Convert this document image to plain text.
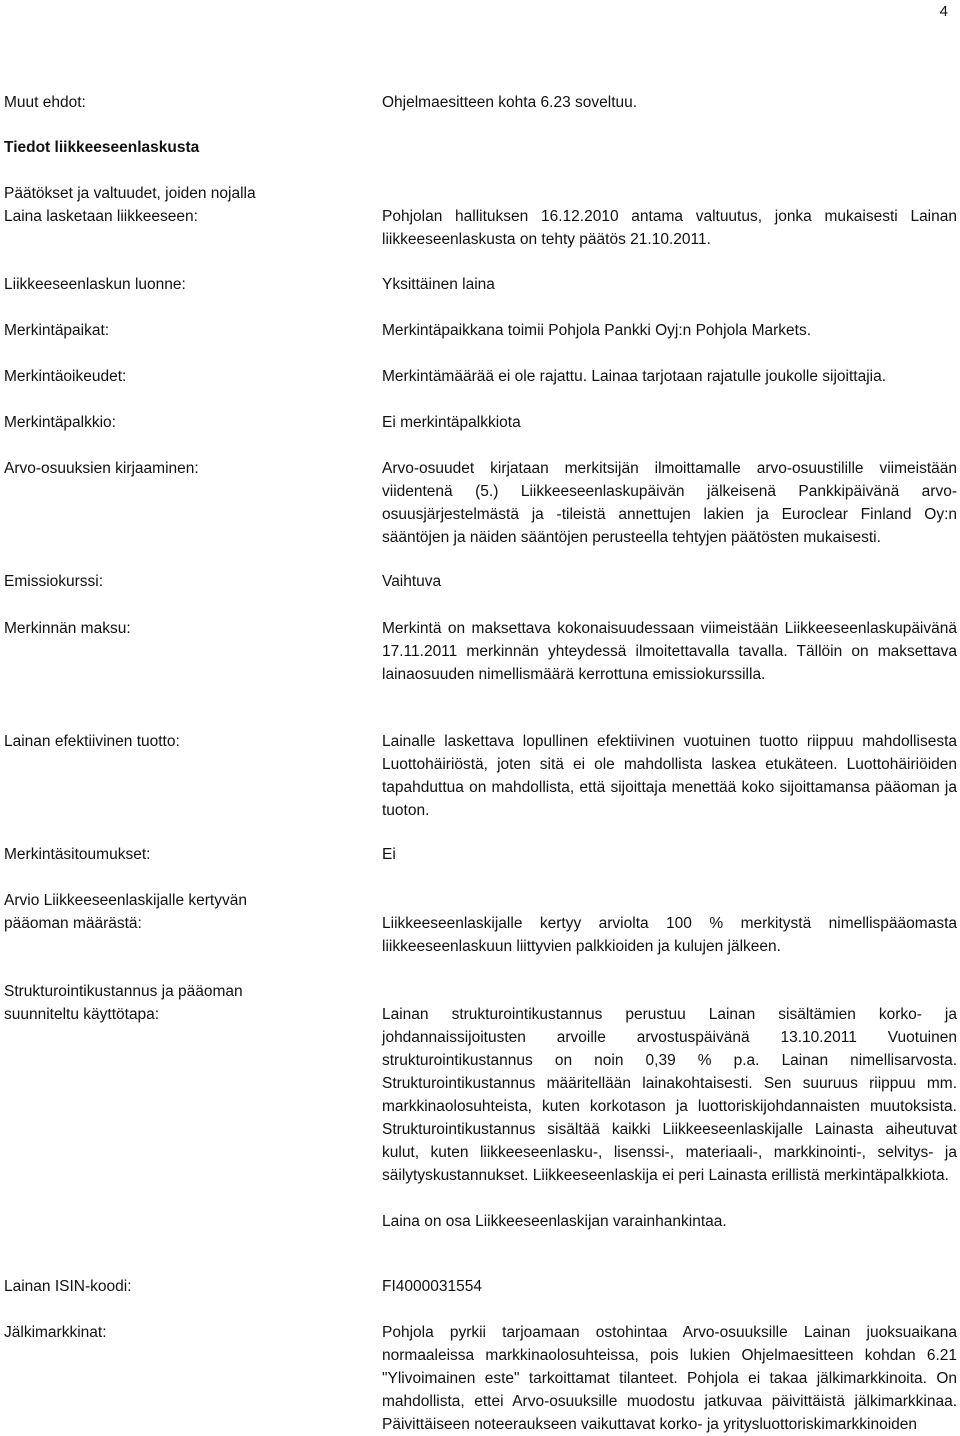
4
Muut ehdot:	Ohjelmaesitteen kohta 6.23 soveltuu.

Tiedot liikkeeseenlaskusta
Päätökset ja valtuudet, joiden nojalla Laina lasketaan liikkeeseen:	Pohjolan hallituksen 16.12.2010 antama valtuutus, jonka mukaisesti Lainan liikkeeseenlaskusta on tehty päätös 21.10.2011.

Liikkeeseenlaskun luonne:	Yksittäinen laina

Merkintäpaikat:	Merkintäpaikkana toimii Pohjola Pankki Oyj:n Pohjola Markets.

Merkintäoikeudet:	Merkintämäärää ei ole rajattu. Lainaa tarjotaan rajatulle joukolle sijoittajia.

Merkintäpalkkio:	Ei merkintäpalkkiota

Arvo-osuuksien kirjaaminen:	Arvo-osuudet kirjataan merkitsijän ilmoittamalle arvo-osuustilille viimeistään viidentenä (5.) Liikkeeseenlaskupäivän jälkeisenä Pankkipäivänä arvo-osuusjärjestelmästä ja -tileistä annettujen lakien ja Euroclear Finland Oy:n sääntöjen ja näiden sääntöjen perusteella tehtyjen päätösten mukaisesti.

Emissiokurssi:	Vaihtuva

Merkinnän maksu:	Merkintä on maksettava kokonaisuudessaan viimeistään Liikkeeseenlaskupäivänä 17.11.2011 merkinnän yhteydessä ilmoitettavalla tavalla. Tällöin on maksettava lainaosuuden nimellismäärä kerrottuna emissiokurssilla.

Lainan efektiivinen tuotto:	Lainalle laskettava lopullinen efektiivinen vuotuinen tuotto riippuu mahdollisesta Luottohäiriöstä, joten sitä ei ole mahdollista laskea etukäteen. Luottohäiriöiden tapahduttua on mahdollista, että sijoittaja menettää koko sijoittamansa pääoman ja tuoton.

Merkintäsitoumukset:	Ei

Arvio Liikkeeseenlaskijalle kertyvän pääoman määrästä:	Liikkeeseenlaskijalle kertyy arviolta 100 % merkitystä nimellispääomasta liikkeeseenlaskuun liittyvien palkkioiden ja kulujen jälkeen.

Strukturointikustannus ja pääoman suunniteltu käyttötapa:	Lainan strukturointikustannus perustuu Lainan sisältämien korko- ja johdannaissijoitusten arvoille arvostuspäivänä 13.10.2011 Vuotuinen strukturointikustannus on noin 0,39 % p.a. Lainan nimellisarvosta. Strukturointikustannus määritellään lainakohtaisesti. Sen suuruus riippuu mm. markkinaolosuhteista, kuten korkotason ja luottoriskijohdannaisten muutoksista. Strukturointikustannus sisältää kaikki Liikkeeseenlaskijalle Lainasta aiheutuvat kulut, kuten liikkeeseenlasku-, lisenssi-, materiaali-, markkinointi-, selvitys- ja säilytyskustannukset. Liikkeeseenlaskija ei peri Lainasta erillistä merkintäpalkkiota.

Laina on osa Liikkeeseenlaskijan varainhankintaa.

Lainan ISIN-koodi:	FI4000031554

Jälkimarkkinat:	Pohjola pyrkii tarjoamaan ostohintaa Arvo-osuuksille Lainan juoksuaikana normaaleissa markkinaolosuhteissa, pois lukien Ohjelmaesitteen kohdan 6.21 "Ylivoimainen este" tarkoittamat tilanteet. Pohjola ei takaa jälkimarkkinoita. On mahdollista, ettei Arvo-osuuksille muodostu jatkuvaa päivittäistä jälkimarkkinaa. Päivittäiseen noteeraukseen vaikuttavat korko- ja yritysluottoriskimarkkinoiden
